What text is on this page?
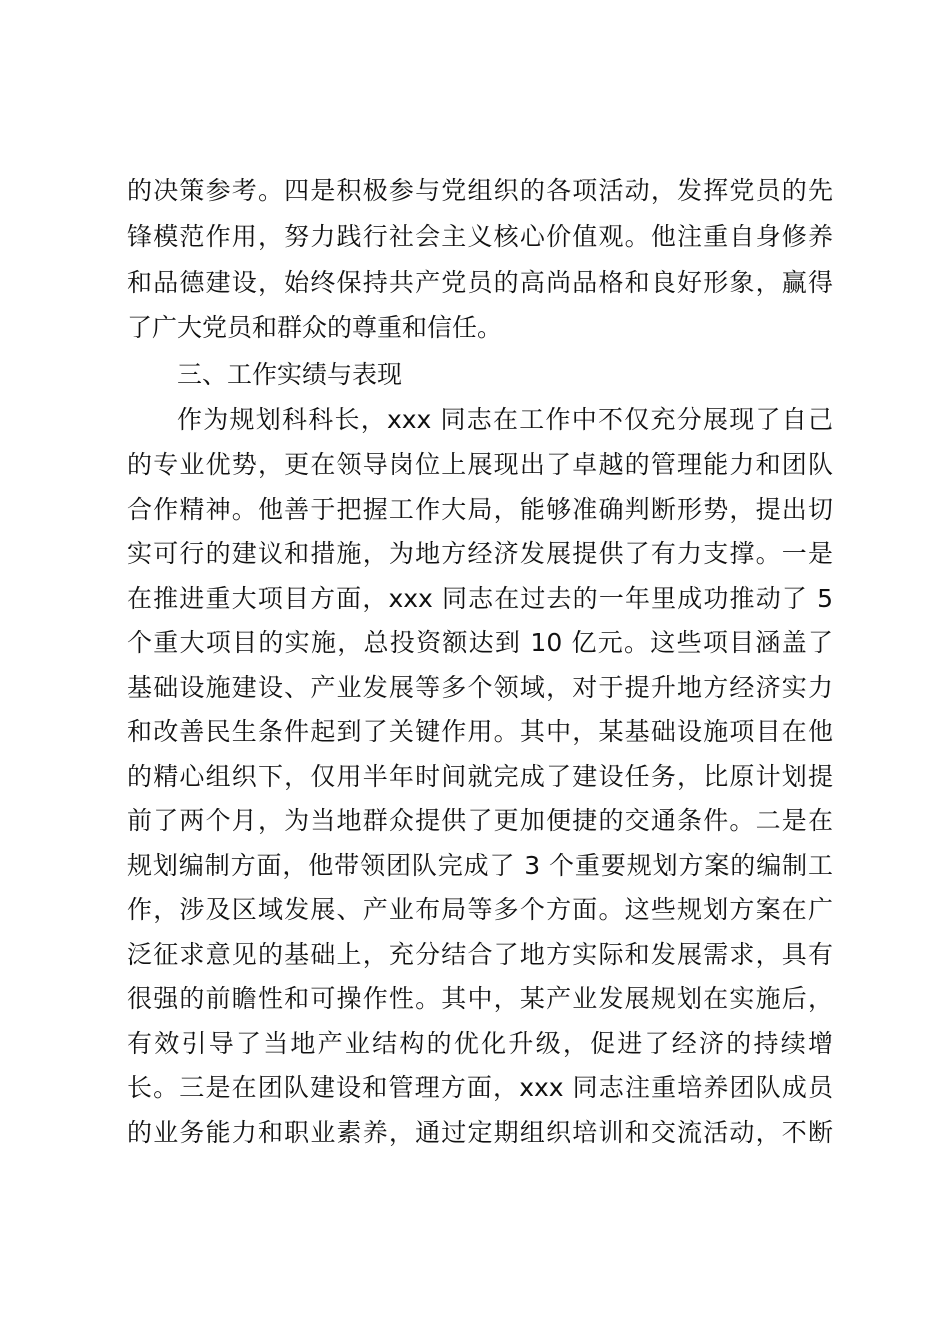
的决策参考。四是积极参与党组织的各项活动，发挥党员的先
锋模范作用，努力践行社会主义核心价值观。他注重自身修养
和品德建设，始终保持共产党员的高尚品格和良好形象，赢得
了广大党员和群众的尊重和信任。
三、工作实绩与表现
作为规划科科长，xxx 同志在工作中不仅充分展现了自己
的专业优势，更在领导岗位上展现出了卓越的管理能力和团队
合作精神。他善于把握工作大局，能够准确判断形势，提出切
实可行的建议和措施，为地方经济发展提供了有力支撑。一是
在推进重大项目方面，xxx 同志在过去的一年里成功推动了 5
个重大项目的实施，总投资额达到 10 亿元。这些项目涵盖了
基础设施建设、产业发展等多个领域，对于提升地方经济实力
和改善民生条件起到了关键作用。其中，某基础设施项目在他
的精心组织下，仅用半年时间就完成了建设任务，比原计划提
前了两个月，为当地群众提供了更加便捷的交通条件。二是在
规划编制方面，他带领团队完成了 3 个重要规划方案的编制工
作，涉及区域发展、产业布局等多个方面。这些规划方案在广
泛征求意见的基础上，充分结合了地方实际和发展需求，具有
很强的前瞻性和可操作性。其中，某产业发展规划在实施后，
有效引导了当地产业结构的优化升级，促进了经济的持续增
长。三是在团队建设和管理方面，xxx 同志注重培养团队成员
的业务能力和职业素养，通过定期组织培训和交流活动，不断
